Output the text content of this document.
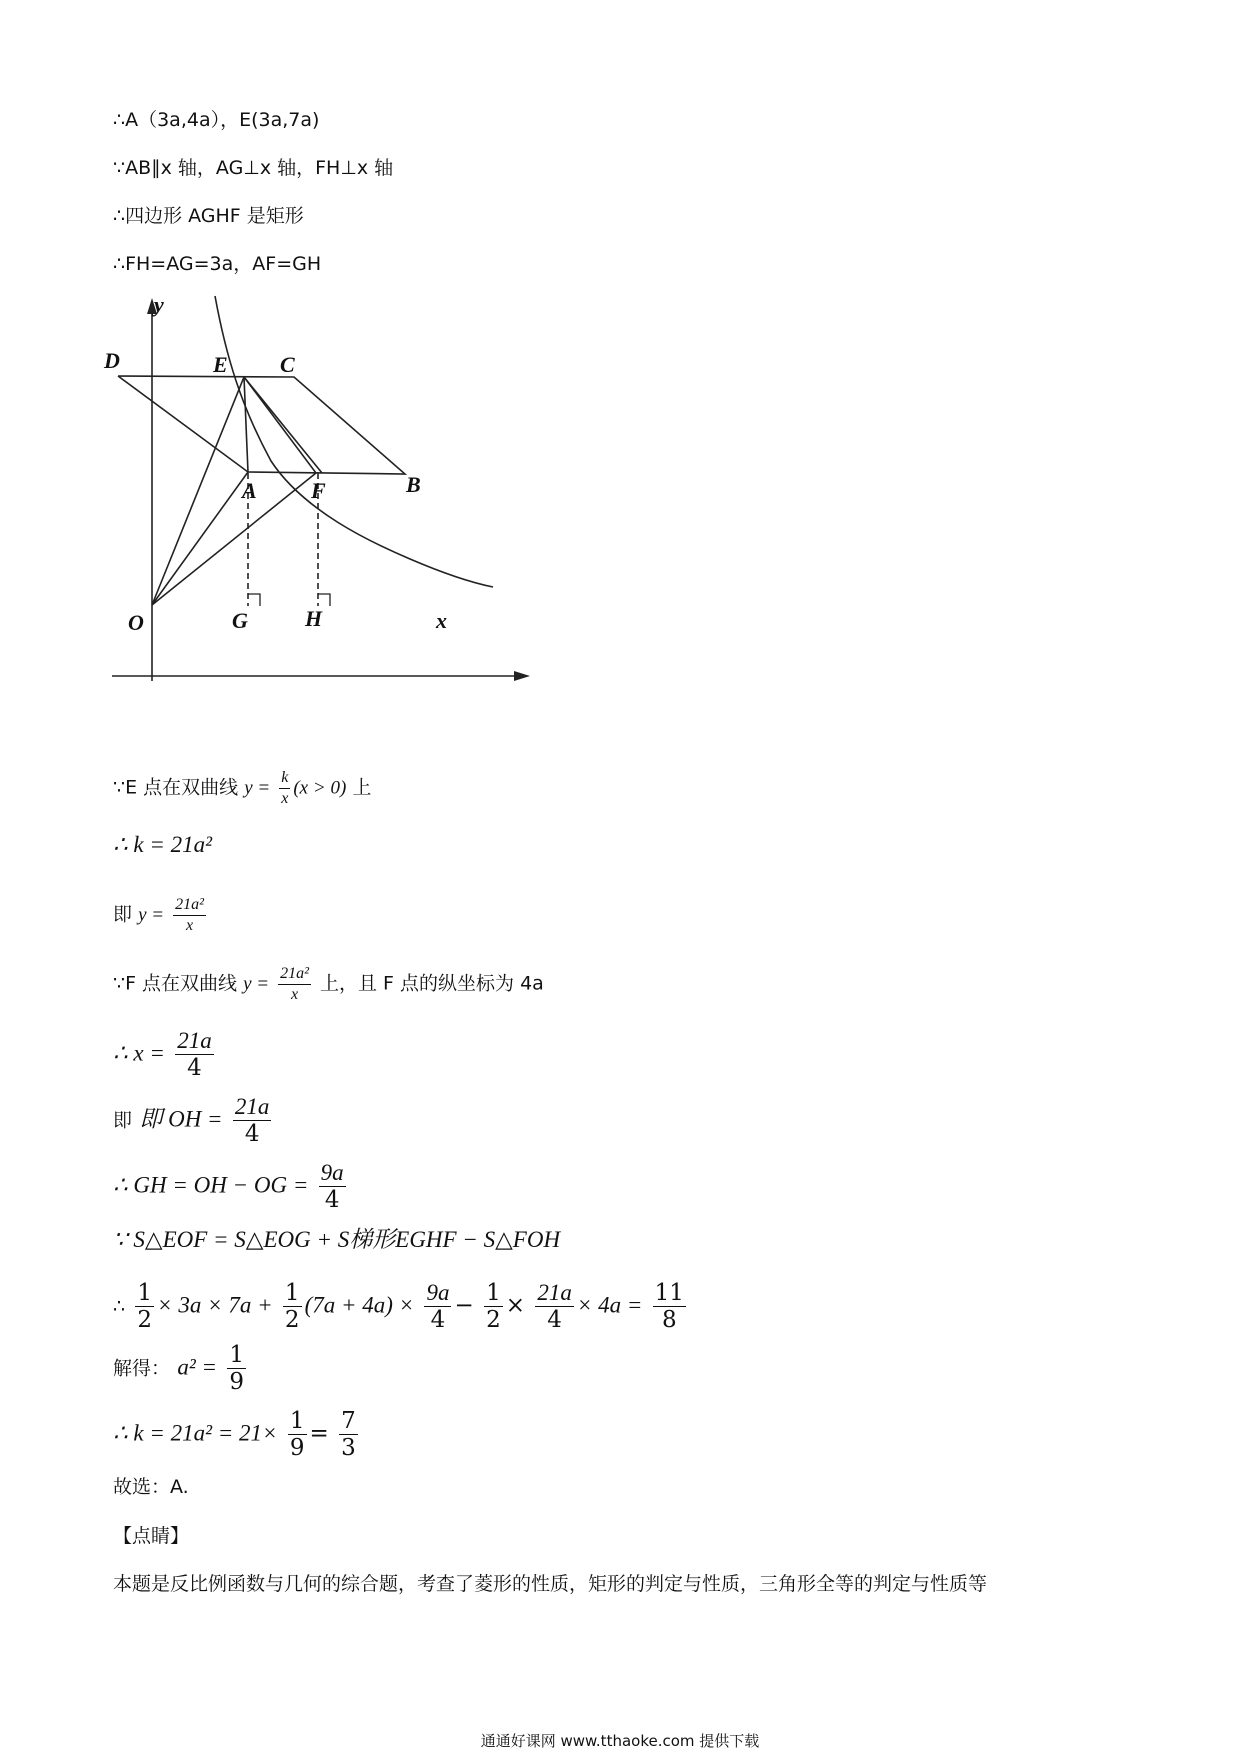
∴A（3a,4a），E(3a,7a)
∵AB∥x 轴，AG⊥x 轴，FH⊥x 轴
∴四边形 AGHF 是矩形
∴FH=AG=3a，AF=GH
y
D	E C
A F	B
O	G	H	x
∵E 点在双曲线 $y = \frac{k}{x} (x > 0)$ 上
∴ k = 21a²
即 $y = \frac{\text{21a²}}{x}$
∵F 点在双曲线 $y = \frac{\text{21a²}}{x}$ 上，且 F 点的纵坐标为 4a
∴ $x = \frac{21a}{4}$
即 即 OH = $\frac{21a}{4}$
∴ GH = OH − OG = $\frac{9a}{4}$
∵ S△EOF = S△EOG + S梯形EGHF − S△FOH
∴ $\frac{1}{2} \times 3a \times 7a + \frac{1}{2} (7a + 4a) \times \frac{9a}{4} - \frac{1}{2} \times \frac{21a}{4} \times 4a = \frac{11}{8}$
解得： $a^2 = \frac{1}{9}$
∴ $k = 21a^2 = 21\times \frac{1}{9} = \frac{7}{3}$
故选：A.
【点睛】
本题是反比例函数与几何的综合题，考查了菱形的性质，矩形的判定与性质，三角形全等的判定与性质等
通通好课网 www.tthaoke.com 提供下载
